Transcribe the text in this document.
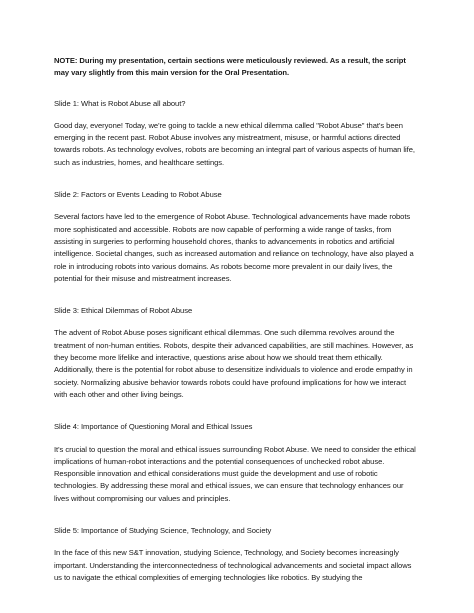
NOTE: During my presentation, certain sections were meticulously reviewed. As a result, the script may vary slightly from this main version for the Oral Presentation.

Slide 1: What is Robot Abuse all about?

Good day, everyone! Today, we're going to tackle a new ethical dilemma called "Robot Abuse" that's been emerging in the recent past. Robot Abuse involves any mistreatment, misuse, or harmful actions directed towards robots. As technology evolves, robots are becoming an integral part of various aspects of human life, such as industries, homes, and healthcare settings.

Slide 2: Factors or Events Leading to Robot Abuse

Several factors have led to the emergence of Robot Abuse. Technological advancements have made robots more sophisticated and accessible. Robots are now capable of performing a wide range of tasks, from assisting in surgeries to performing household chores, thanks to advancements in robotics and artificial intelligence. Societal changes, such as increased automation and reliance on technology, have also played a role in introducing robots into various domains. As robots become more prevalent in our daily lives, the potential for their misuse and mistreatment increases.

Slide 3: Ethical Dilemmas of Robot Abuse

The advent of Robot Abuse poses significant ethical dilemmas. One such dilemma revolves around the treatment of non-human entities. Robots, despite their advanced capabilities, are still machines. However, as they become more lifelike and interactive, questions arise about how we should treat them ethically. Additionally, there is the potential for robot abuse to desensitize individuals to violence and erode empathy in society. Normalizing abusive behavior towards robots could have profound implications for how we interact with each other and other living beings.

Slide 4: Importance of Questioning Moral and Ethical Issues

It's crucial to question the moral and ethical issues surrounding Robot Abuse. We need to consider the ethical implications of human-robot interactions and the potential consequences of unchecked robot abuse. Responsible innovation and ethical considerations must guide the development and use of robotic technologies. By addressing these moral and ethical issues, we can ensure that technology enhances our lives without compromising our values and principles.

Slide 5: Importance of Studying Science, Technology, and Society

In the face of this new S&T innovation, studying Science, Technology, and Society becomes increasingly important. Understanding the interconnectedness of technological advancements and societal impact allows us to navigate the ethical complexities of emerging technologies like robotics. By studying the
